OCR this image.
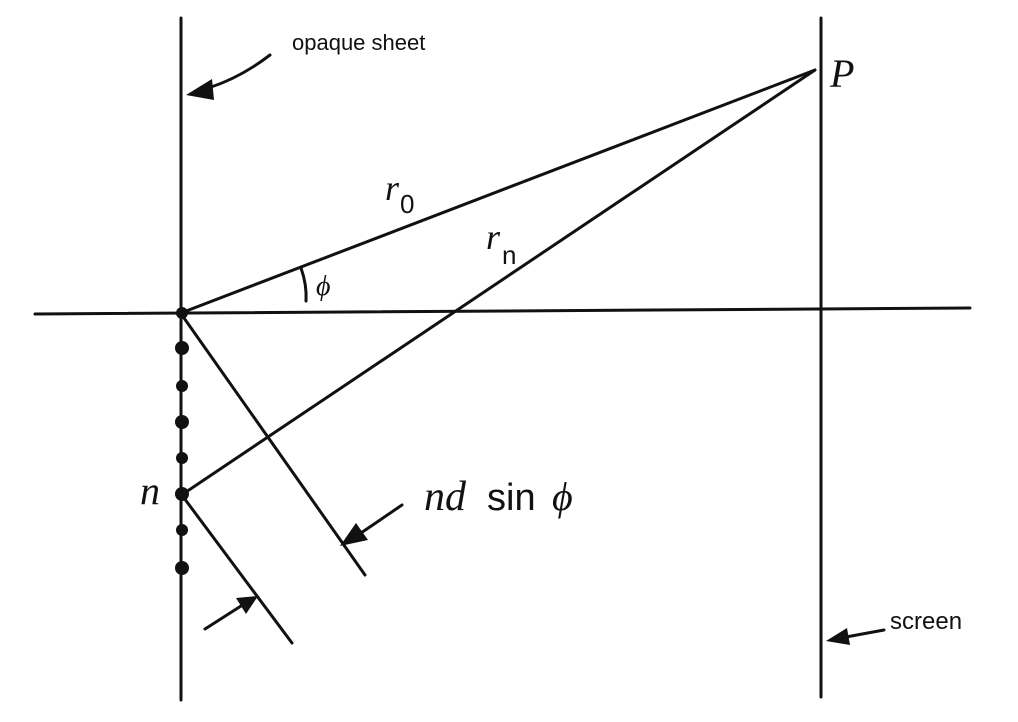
opaque sheet
screen
P
r 0
r n
ϕ
n	nd sin ϕ
